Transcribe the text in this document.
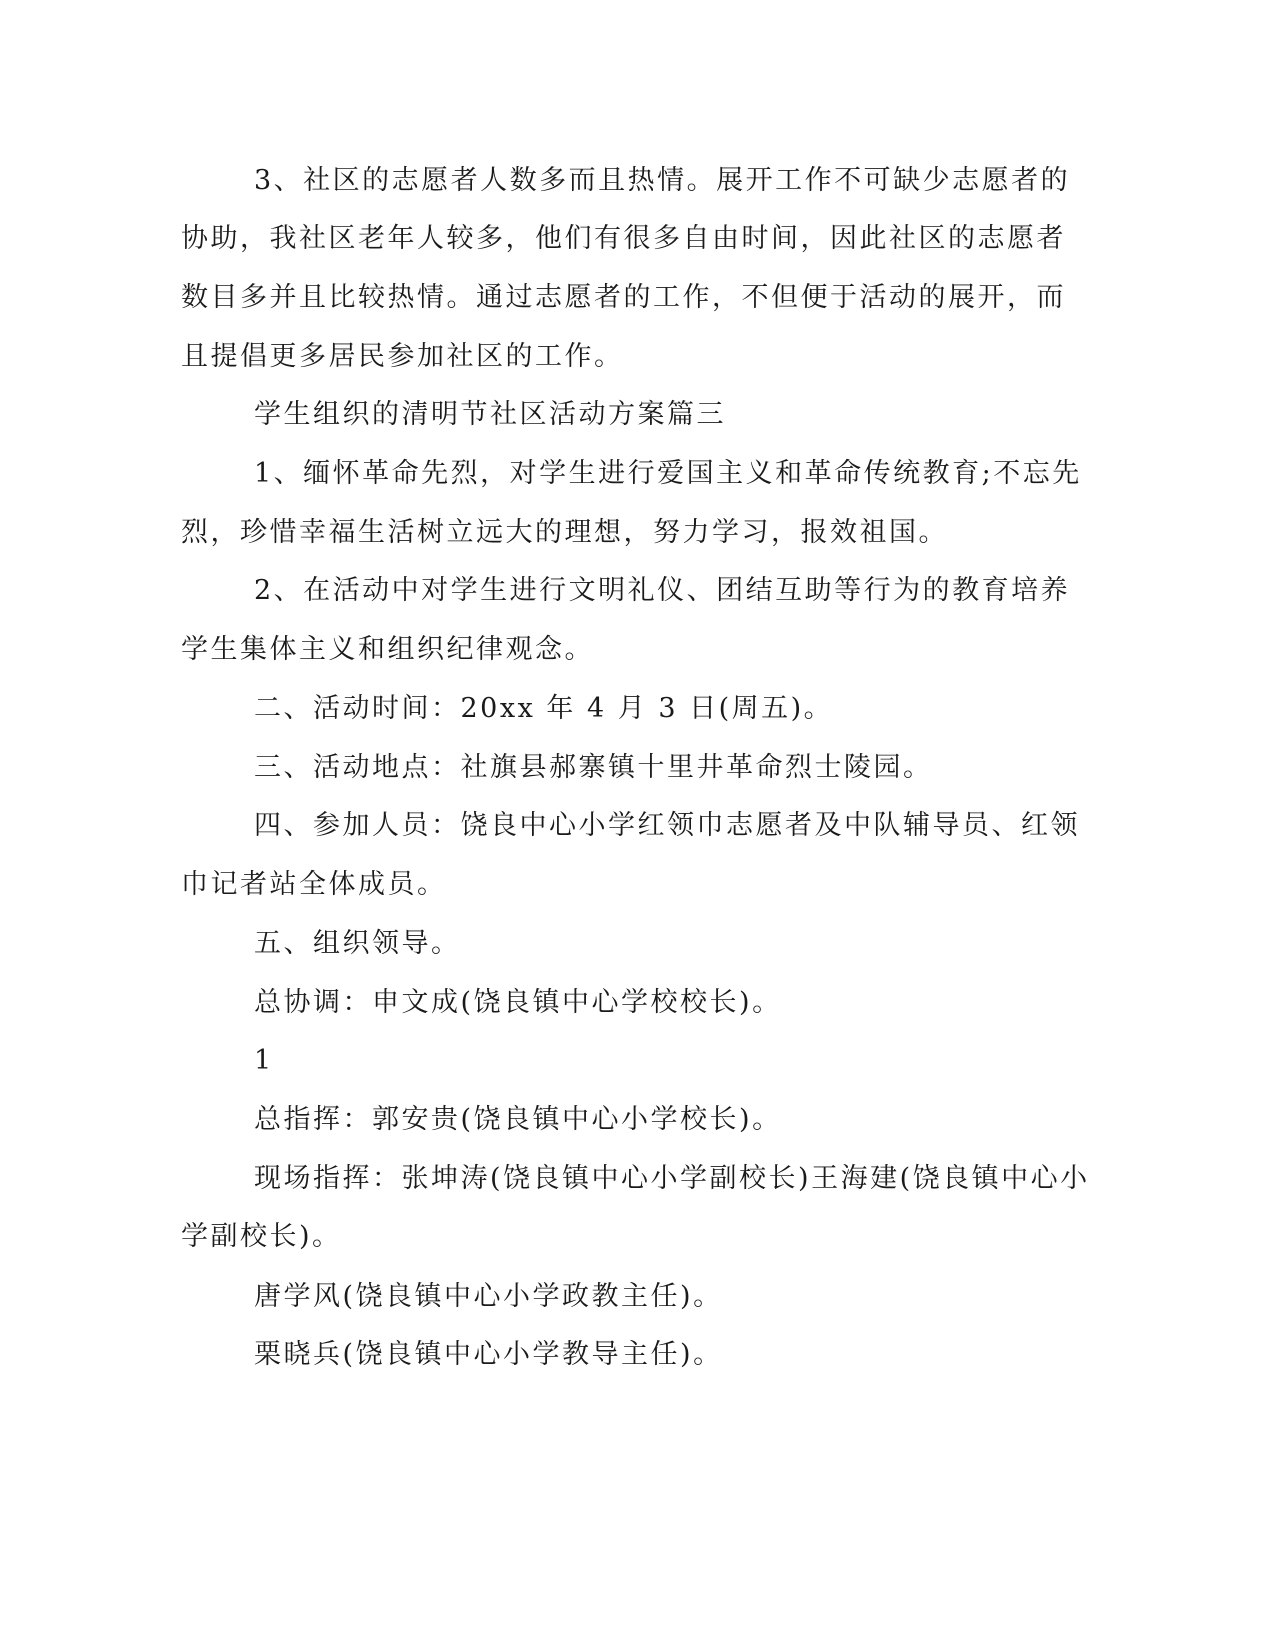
3、社区的志愿者人数多而且热情。展开工作不可缺少志愿者的
协助，我社区老年人较多，他们有很多自由时间，因此社区的志愿者
数目多并且比较热情。通过志愿者的工作，不但便于活动的展开，而
且提倡更多居民参加社区的工作。
学生组织的清明节社区活动方案篇三
1、缅怀革命先烈，对学生进行爱国主义和革命传统教育;不忘先
烈，珍惜幸福生活树立远大的理想，努力学习，报效祖国。
2、在活动中对学生进行文明礼仪、团结互助等行为的教育培养
学生集体主义和组织纪律观念。
二、活动时间：20xx 年 4 月 3 日(周五)。
三、活动地点：社旗县郝寨镇十里井革命烈士陵园。
四、参加人员：饶良中心小学红领巾志愿者及中队辅导员、红领
巾记者站全体成员。
五、组织领导。
总协调：申文成(饶良镇中心学校校长)。
1
总指挥：郭安贵(饶良镇中心小学校长)。
现场指挥：张坤涛(饶良镇中心小学副校长)王海建(饶良镇中心小
学副校长)。
唐学风(饶良镇中心小学政教主任)。
栗晓兵(饶良镇中心小学教导主任)。
